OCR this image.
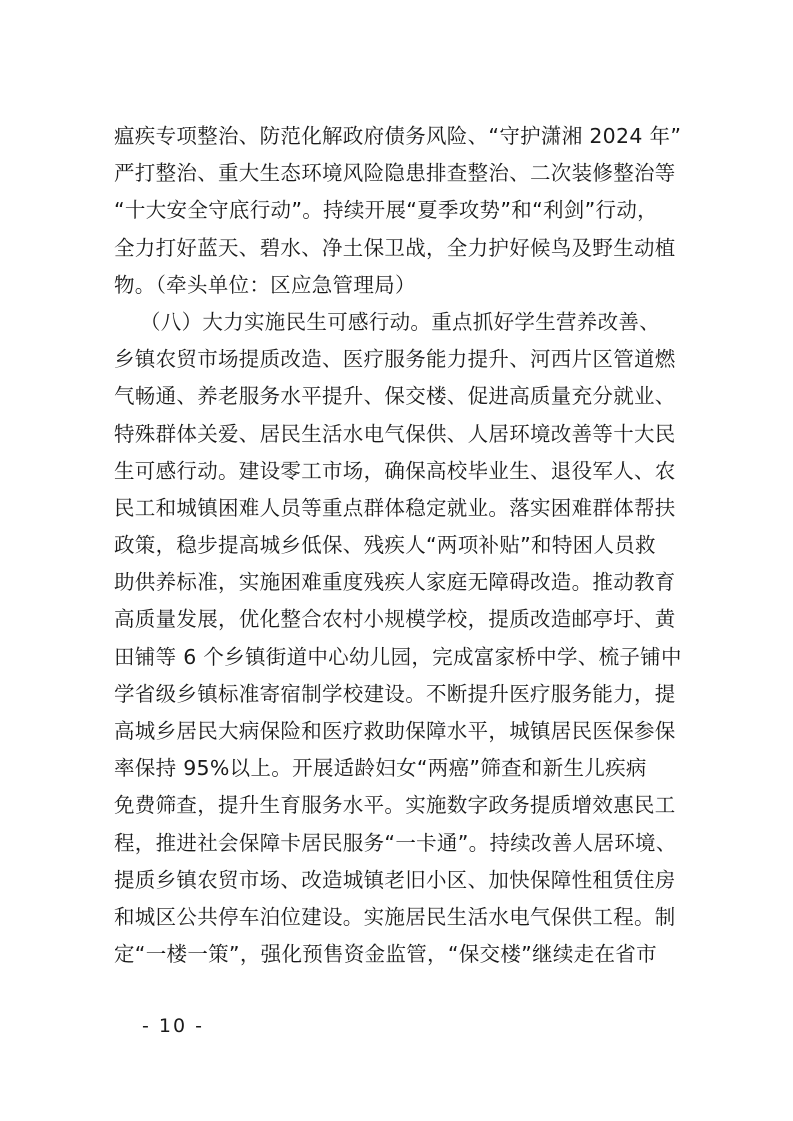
瘟疾专项整治、防范化解政府债务风险、“守护潇湘 2024 年”
严打整治、重大生态环境风险隐患排查整治、二次装修整治等
“十大安全守底行动”。持续开展“夏季攻势”和“利剑”行动，
全力打好蓝天、碧水、净土保卫战，全力护好候鸟及野生动植
物。（牵头单位：区应急管理局）
（八）大力实施民生可感行动。重点抓好学生营养改善、
乡镇农贸市场提质改造、医疗服务能力提升、河西片区管道燃
气畅通、养老服务水平提升、保交楼、促进高质量充分就业、
特殊群体关爱、居民生活水电气保供、人居环境改善等十大民
生可感行动。建设零工市场，确保高校毕业生、退役军人、农
民工和城镇困难人员等重点群体稳定就业。落实困难群体帮扶
政策，稳步提高城乡低保、残疾人“两项补贴”和特困人员救
助供养标准，实施困难重度残疾人家庭无障碍改造。推动教育
高质量发展，优化整合农村小规模学校，提质改造邮亭圩、黄
田铺等 6 个乡镇街道中心幼儿园，完成富家桥中学、梳子铺中
学省级乡镇标准寄宿制学校建设。不断提升医疗服务能力，提
高城乡居民大病保险和医疗救助保障水平，城镇居民医保参保
率保持 95%以上。开展适龄妇女“两癌”筛查和新生儿疾病
免费筛查，提升生育服务水平。实施数字政务提质增效惠民工
程，推进社会保障卡居民服务“一卡通”。持续改善人居环境、
提质乡镇农贸市场、改造城镇老旧小区、加快保障性租赁住房
和城区公共停车泊位建设。实施居民生活水电气保供工程。制
定“一楼一策”，强化预售资金监管，“保交楼”继续走在省市
- 10 -
